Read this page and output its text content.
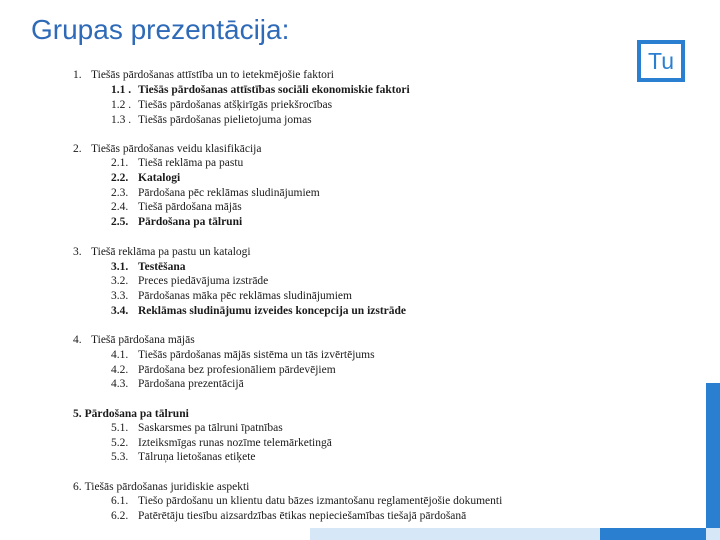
Grupas prezentācija:
Tu
1. Tiešās pārdošanas attīstība un to ietekmējošie faktori
1.1 . Tiešās pārdošanas attīstības sociāli ekonomiskie faktori
1.2 . Tiešās pārdošanas atšķirīgās priekšrocības
1.3 . Tiešās pārdošanas pielietojuma jomas
2. Tiešās pārdošanas veidu klasifikācija
2.1. Tiešā reklāma pa pastu
2.2. Katalogi
2.3. Pārdošana pēc reklāmas sludinājumiem
2.4. Tiešā pārdošana mājās
2.5. Pārdošana pa tālruni
3. Tiešā reklāma pa pastu un katalogi
3.1. Testēšana
3.2. Preces piedāvājuma izstrāde
3.3. Pārdošanas māka pēc reklāmas sludinājumiem
3.4. Reklāmas sludinājumu izveides koncepcija un izstrāde
4. Tiešā pārdošana mājās
4.1. Tiešās pārdošanas mājās sistēma un tās izvērtējums
4.2. Pārdošana bez profesionāliem pārdevējiem
4.3. Pārdošana prezentācijā
5. Pārdošana pa tālruni
5.1. Saskarsmes pa tālruni īpatnības
5.2. Izteiksmīgas runas nozīme telemārketingā
5.3. Tālruņa lietošanas etiķete
6. Tiešās pārdošanas juridiskie aspekti
6.1. Tiešo pārdošanu un klientu datu bāzes izmantošanu reglamentējošie dokumenti
6.2. Patērētāju tiesību aizsardzības ētikas nepieciešamības tiešajā pārdošanā
